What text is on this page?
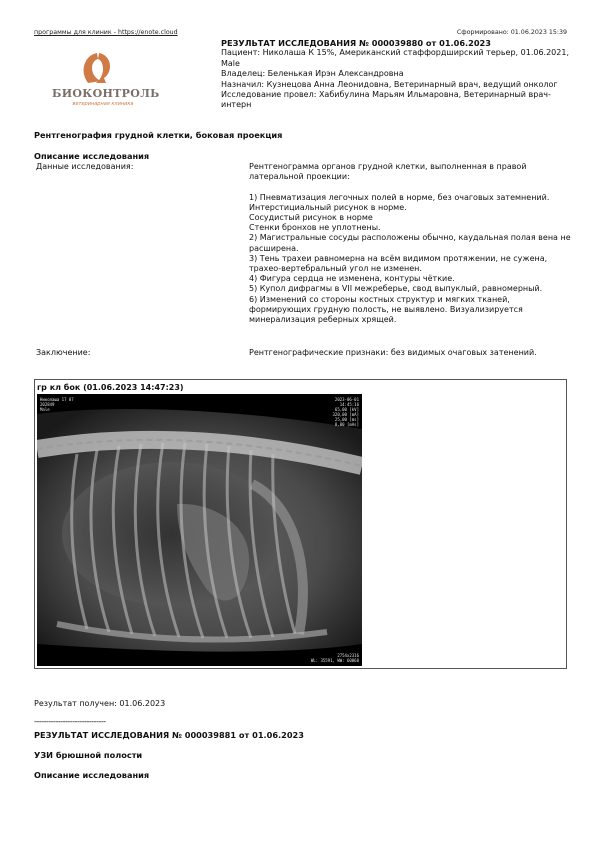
программы для клиник - https://enote.cloud	Сформировано: 01.06.2023 15:39
БИОКОНТРОЛЬ
ветеринарная клиника
РЕЗУЛЬТАТ ИССЛЕДОВАНИЯ № 000039880 от 01.06.2023
Пациент: Николаша К 15%, Американский стаффордширский терьер, 01.06.2021, Male
Владелец: Беленькая Ирэн Александровна
Назначил: Кузнецова Анна Леонидовна, Ветеринарный врач, ведущий онколог
Исследование провел: Хабибулина Марьям Ильмаровна, Ветеринарный врач-интерн
Рентгенография грудной клетки, боковая проекция
Описание исследования
Данные исследования:	Рентгенограмма органов грудной клетки, выполненная в правой латеральной проекции:

1) Пневматизация легочных полей в норме, без очаговых затемнений.

Интерстициальный рисунок в норме.

Сосудистый рисунок в норме

Стенки бронхов не уплотнены.

2) Магистральные сосуды расположены обычно, каудальная полая вена не расширена.

3) Тень трахеи равномерна на всём видимом протяжении, не сужена, трахео-вертебральный угол не изменен.

4) Фигура сердца не изменена, контуры чёткие.

5) Купол дифрагмы в VII межреберье, свод выпуклый, равномерный.

6) Изменений со стороны костных структур и мягких тканей, формирующих грудную полость, не выявлено. Визуализируется минерализация реберных хрящей.

Заключение:	Рентгенографические признаки: без видимых очаговых затенений.
гр кл бок (01.06.2023 14:47:23)
Николаша 17 07
202849
Male
2023-06-01
14:45:16
65,00 [kV]
320,00 [mA]
25,00 [ms]
8,00 [mAs]
2754x2316
WL: 35591, WW: 60068
Результат получен: 01.06.2023
------------------------------
РЕЗУЛЬТАТ ИССЛЕДОВАНИЯ № 000039881 от 01.06.2023
УЗИ брюшной полости
Описание исследования
